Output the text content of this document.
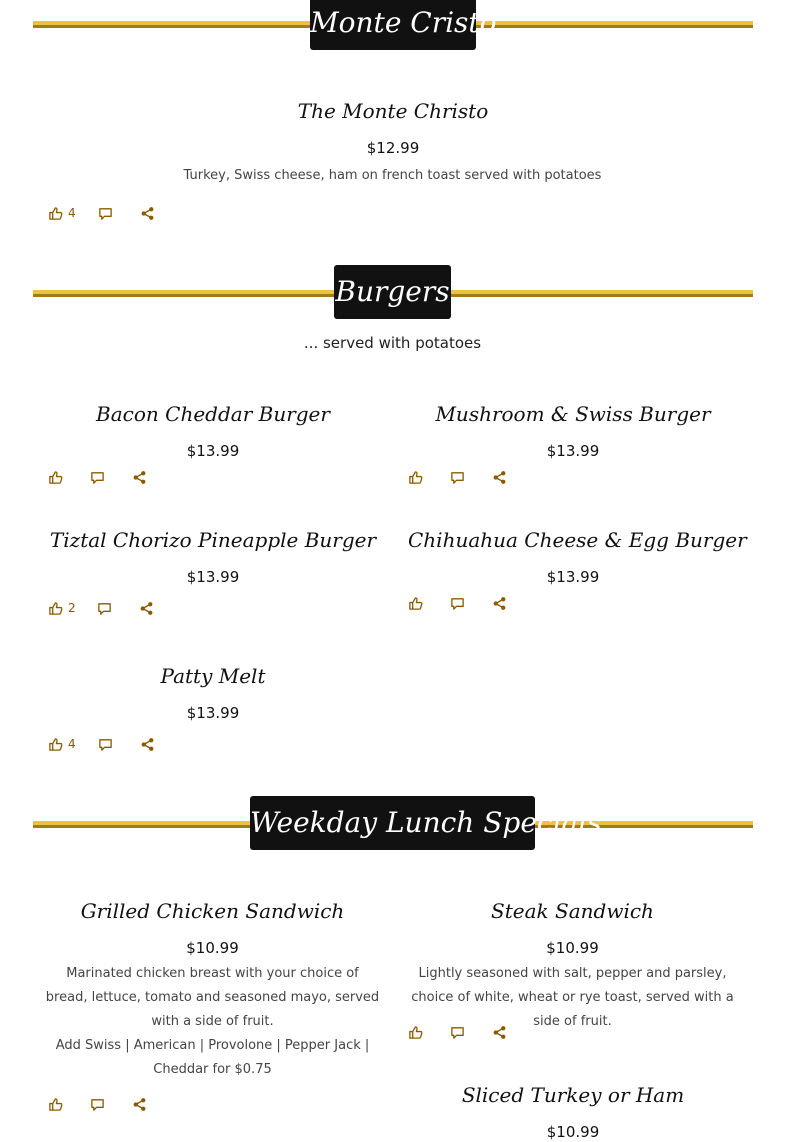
Monte Cristo
The Monte Christo
$12.99
Turkey, Swiss cheese, ham on french toast served with potatoes
4
Burgers
... served with potatoes
Bacon Cheddar Burger
$13.99
Mushroom & Swiss Burger
$13.99
Tiztal Chorizo Pineapple Burger
$13.99
2
Chihuahua Cheese & Egg Burger
$13.99
Patty Melt
$13.99
4
Weekday Lunch Specials
Grilled Chicken Sandwich
$10.99
Marinated chicken breast with your choice of bread, lettuce, tomato and seasoned mayo, served with a side of fruit.
Add Swiss | American | Provolone | Pepper Jack | Cheddar for $0.75
Steak Sandwich
$10.99
Lightly seasoned with salt, pepper and parsley, choice of white, wheat or rye toast, served with a side of fruit.
Sliced Turkey or Ham
$10.99
